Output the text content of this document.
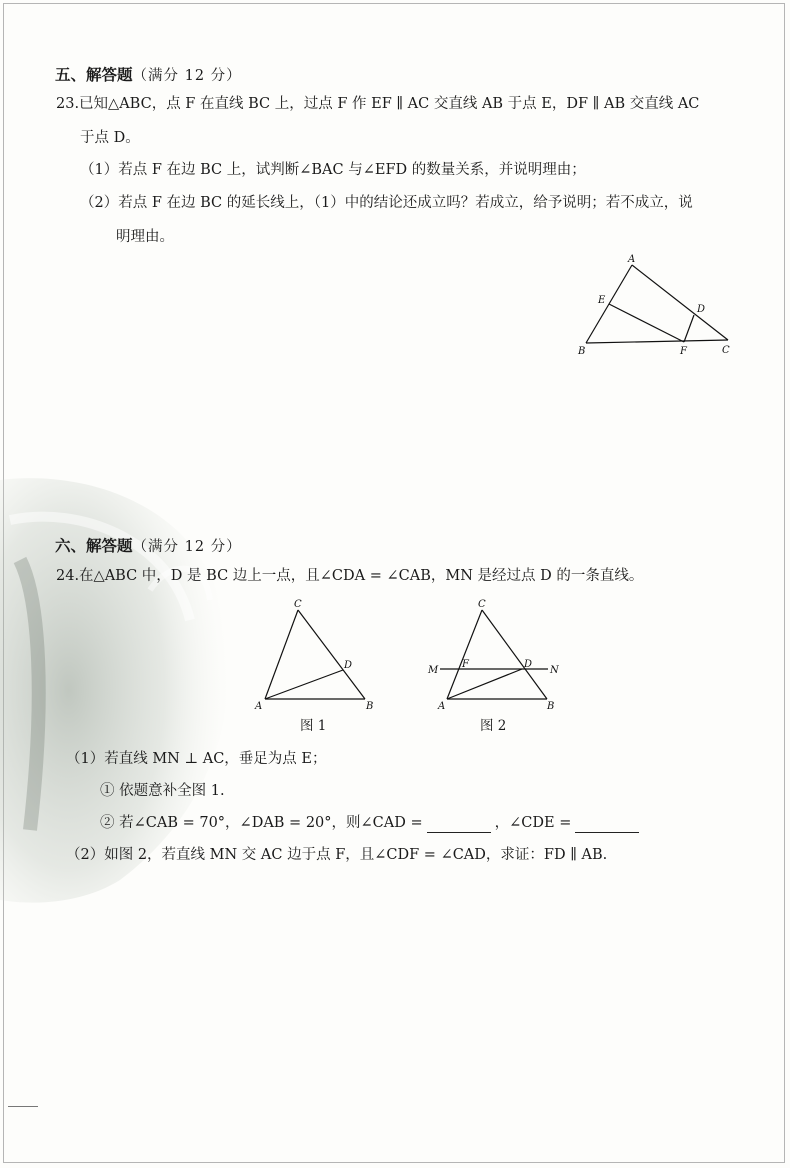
五、解答题（满分 12 分）
23.已知△ABC，点 F 在直线 BC 上，过点 F 作 EF ∥ AC 交直线 AB 于点 E，DF ∥ AB 交直线 AC
于点 D。
（1）若点 F 在边 BC 上，试判断∠BAC 与∠EFD 的数量关系，并说明理由；
（2）若点 F 在边 BC 的延长线上，（1）中的结论还成立吗？若成立，给予说明；若不成立，说
明理由。
A
B	C
D
E
F
六、解答题（满分 12 分）
24.在△ABC 中，D 是 BC 边上一点，且∠CDA = ∠CAB，MN 是经过点 D 的一条直线。
C
A	B
D
图 1
C
A	B
D
F
M	N
图 2
（1）若直线 MN ⊥ AC，垂足为点 E；
① 依题意补全图 1.
② 若∠CAB = 70°，∠DAB = 20°，则∠CAD =	，∠CDE =
（2）如图 2，若直线 MN 交 AC 边于点 F，且∠CDF = ∠CAD，求证：FD ∥ AB.
